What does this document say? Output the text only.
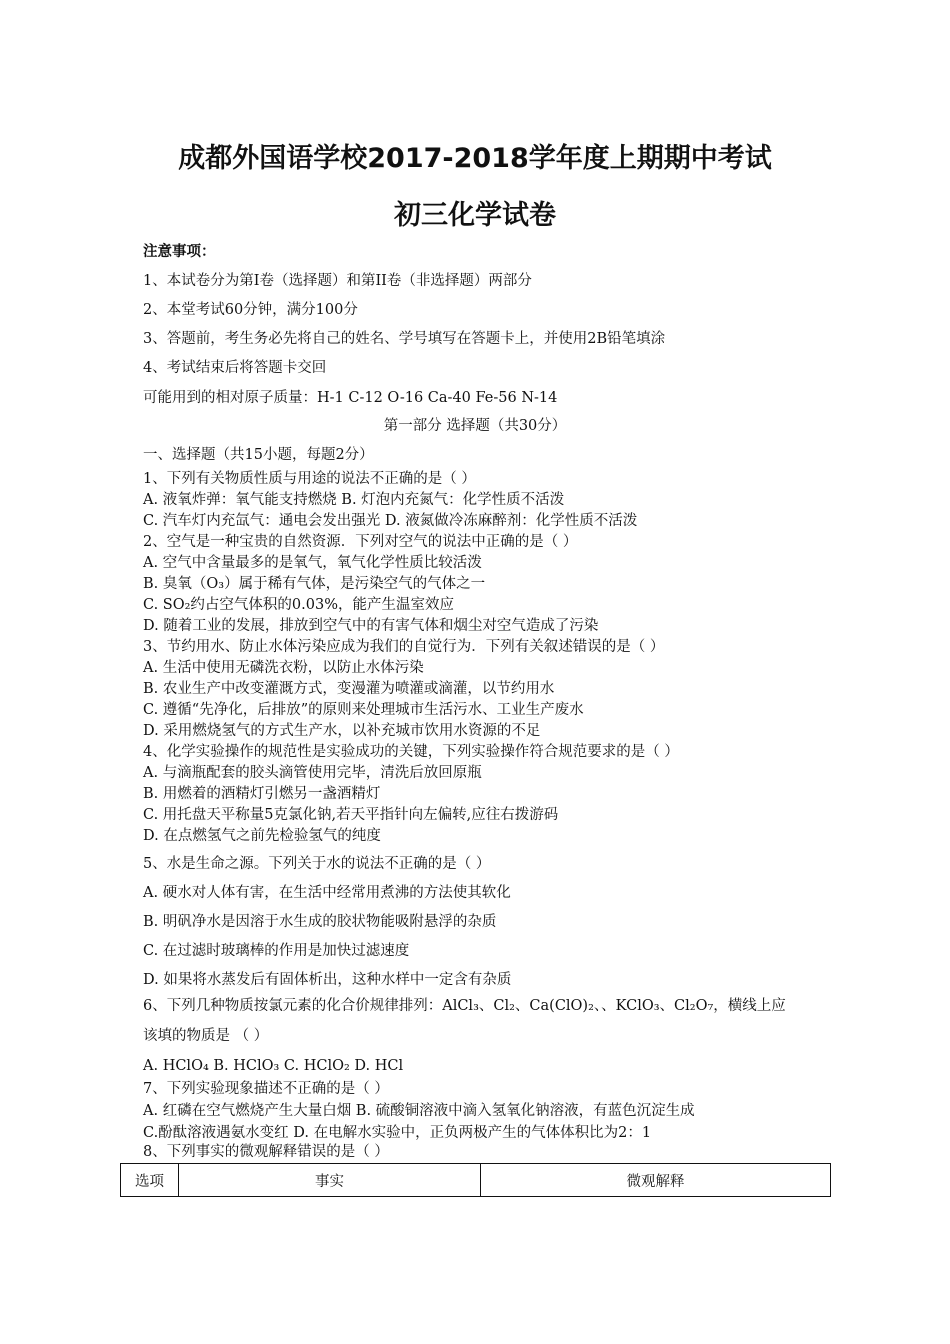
成都外国语学校2017-2018学年度上期期中考试
初三化学试卷
注意事项：
1、本试卷分为第I卷（选择题）和第II卷（非选择题）两部分
2、本堂考试60分钟，满分100分
3、答题前，考生务必先将自己的姓名、学号填写在答题卡上，并使用2B铅笔填涂
4、考试结束后将答题卡交回
可能用到的相对原子质量：H-1 C-12 O-16 Ca-40 Fe-56 N-14
第一部分 选择题（共30分）
一、选择题（共15小题，每题2分）
1、下列有关物质性质与用途的说法不正确的是（ ）
A. 液氧炸弹：氧气能支持燃烧 B. 灯泡内充氮气：化学性质不活泼
C. 汽车灯内充氙气：通电会发出强光 D. 液氮做冷冻麻醉剂：化学性质不活泼
2、空气是一种宝贵的自然资源．下列对空气的说法中正确的是（ ）
A. 空气中含量最多的是氧气，氧气化学性质比较活泼
B. 臭氧（O₃）属于稀有气体，是污染空气的气体之一
C. SO₂约占空气体积的0.03%，能产生温室效应
D. 随着工业的发展，排放到空气中的有害气体和烟尘对空气造成了污染
3、节约用水、防止水体污染应成为我们的自觉行为．下列有关叙述错误的是（ ）
A. 生活中使用无磷洗衣粉，以防止水体污染
B. 农业生产中改变灌溉方式，变漫灌为喷灌或滴灌，以节约用水
C. 遵循“先净化，后排放”的原则来处理城市生活污水、工业生产废水
D. 采用燃烧氢气的方式生产水，以补充城市饮用水资源的不足
4、化学实验操作的规范性是实验成功的关键，下列实验操作符合规范要求的是（ ）
A. 与滴瓶配套的胶头滴管使用完毕，清洗后放回原瓶
B. 用燃着的酒精灯引燃另一盏酒精灯
C. 用托盘天平称量5克氯化钠,若天平指针向左偏转,应往右拨游码
D. 在点燃氢气之前先检验氢气的纯度
5、水是生命之源。下列关于水的说法不正确的是（ ）
A. 硬水对人体有害，在生活中经常用煮沸的方法使其软化
B. 明矾净水是因溶于水生成的胶状物能吸附悬浮的杂质
C. 在过滤时玻璃棒的作用是加快过滤速度
D. 如果将水蒸发后有固体析出，这种水样中一定含有杂质
6、下列几种物质按氯元素的化合价规律排列：AlCl₃、Cl₂、Ca(ClO)₂、、KClO₃、Cl₂O₇，横线上应
该填的物质是 （ ）
A. HClO₄ B. HClO₃ C. HClO₂ D. HCl
7、下列实验现象描述不正确的是（ ）
A. 红磷在空气燃烧产生大量白烟 B. 硫酸铜溶液中滴入氢氧化钠溶液，有蓝色沉淀生成
C.酚酞溶液遇氨水变红 D. 在电解水实验中，正负两极产生的气体体积比为2：1
8、下列事实的微观解释错误的是（ ）
选项	事实	微观解释
